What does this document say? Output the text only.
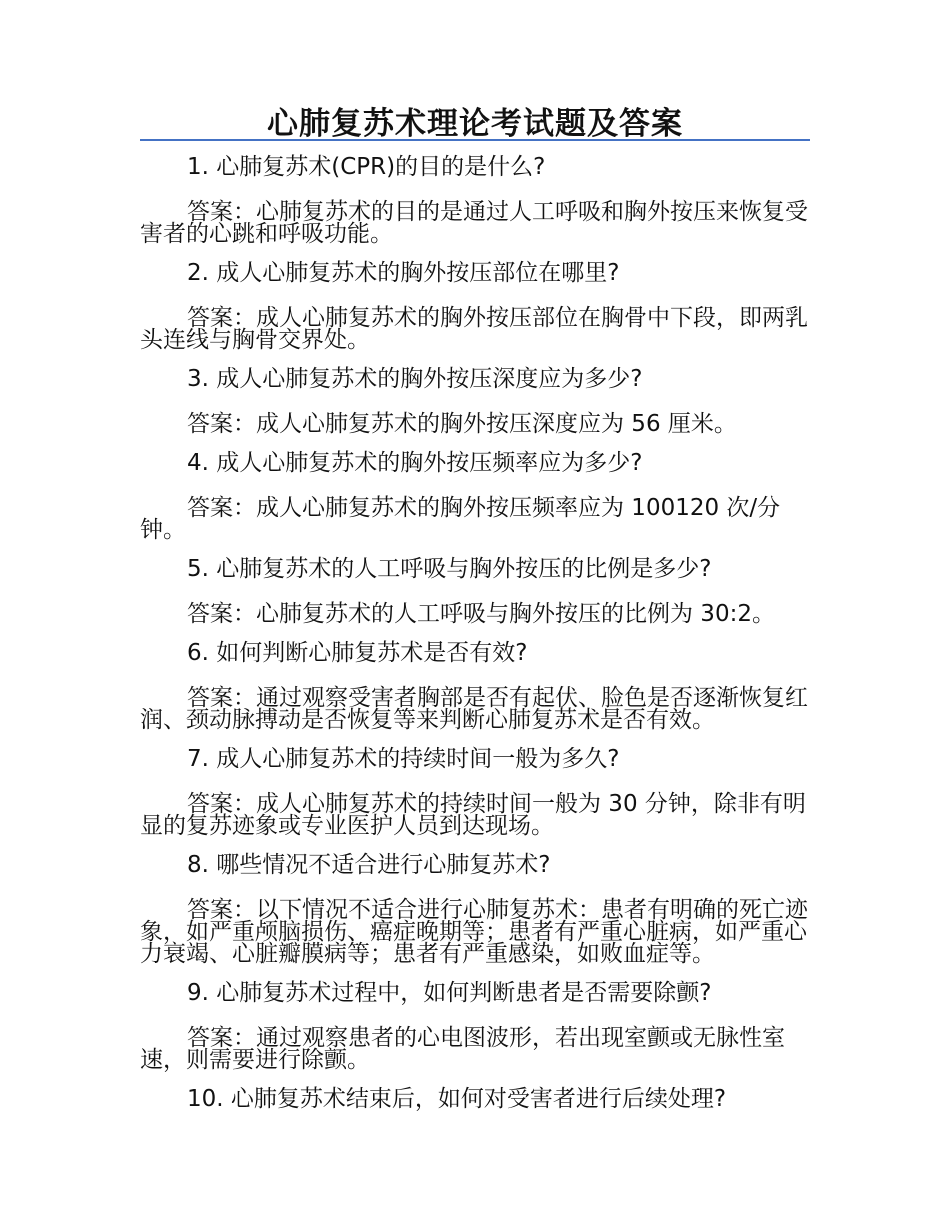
心肺复苏术理论考试题及答案

1. 心肺复苏术(CPR)的目的是什么?

答案：心肺复苏术的目的是通过人工呼吸和胸外按压来恢复受害者的心跳和呼吸功能。

2. 成人心肺复苏术的胸外按压部位在哪里?

答案：成人心肺复苏术的胸外按压部位在胸骨中下段，即两乳头连线与胸骨交界处。

3. 成人心肺复苏术的胸外按压深度应为多少?

答案：成人心肺复苏术的胸外按压深度应为 56 厘米。

4. 成人心肺复苏术的胸外按压频率应为多少?

答案：成人心肺复苏术的胸外按压频率应为 100120 次/分钟。

5. 心肺复苏术的人工呼吸与胸外按压的比例是多少?

答案：心肺复苏术的人工呼吸与胸外按压的比例为 30:2。

6. 如何判断心肺复苏术是否有效?

答案：通过观察受害者胸部是否有起伏、脸色是否逐渐恢复红润、颈动脉搏动是否恢复等来判断心肺复苏术是否有效。

7. 成人心肺复苏术的持续时间一般为多久?

答案：成人心肺复苏术的持续时间一般为 30 分钟，除非有明显的复苏迹象或专业医护人员到达现场。

8. 哪些情况不适合进行心肺复苏术?

答案：以下情况不适合进行心肺复苏术：患者有明确的死亡迹象，如严重颅脑损伤、癌症晚期等；患者有严重心脏病，如严重心力衰竭、心脏瓣膜病等；患者有严重感染，如败血症等。

9. 心肺复苏术过程中，如何判断患者是否需要除颤?

答案：通过观察患者的心电图波形，若出现室颤或无脉性室速，则需要进行除颤。

10. 心肺复苏术结束后，如何对受害者进行后续处理?
